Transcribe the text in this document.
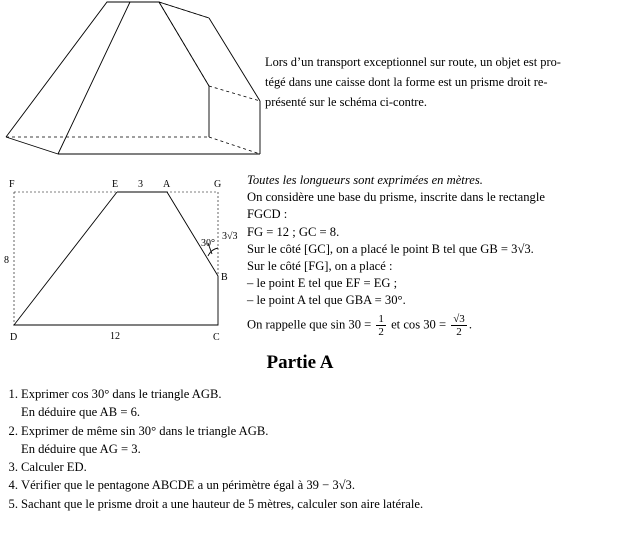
Lors d’un transport exceptionnel sur route, un objet est pro-
tégé dans une caisse dont la forme est un prisme droit re-
présenté sur le schéma ci-contre.
F	E 3 A	G
8
3√3
30°
B
12
D	C
Toutes les longueurs sont exprimées en mètres.
On considère une base du prisme, inscrite dans le rectangle
FGCD :
FG = 12 ; GC = 8.
Sur le côté [GC], on a placé le point B tel que GB = 3√3.
Sur le côté [FG], on a placé :
– le point E tel que EF = EG ;
– le point A tel que GBA = 30°.
On rappelle que $\sin 30 = \frac{1}{2}$ et $\cos 30 = \frac{√3}{2}$ .
Partie A
1. Exprimer cos 30° dans le triangle AGB.
En déduire que AB = 6.
2. Exprimer de même sin 30° dans le triangle AGB.
En déduire que AG = 3.
3. Calculer ED.
4. Vérifier que le pentagone ABCDE a un périmètre égal à 39 − 3√3.
5. Sachant que le prisme droit a une hauteur de 5 mètres, calculer son aire latérale.
